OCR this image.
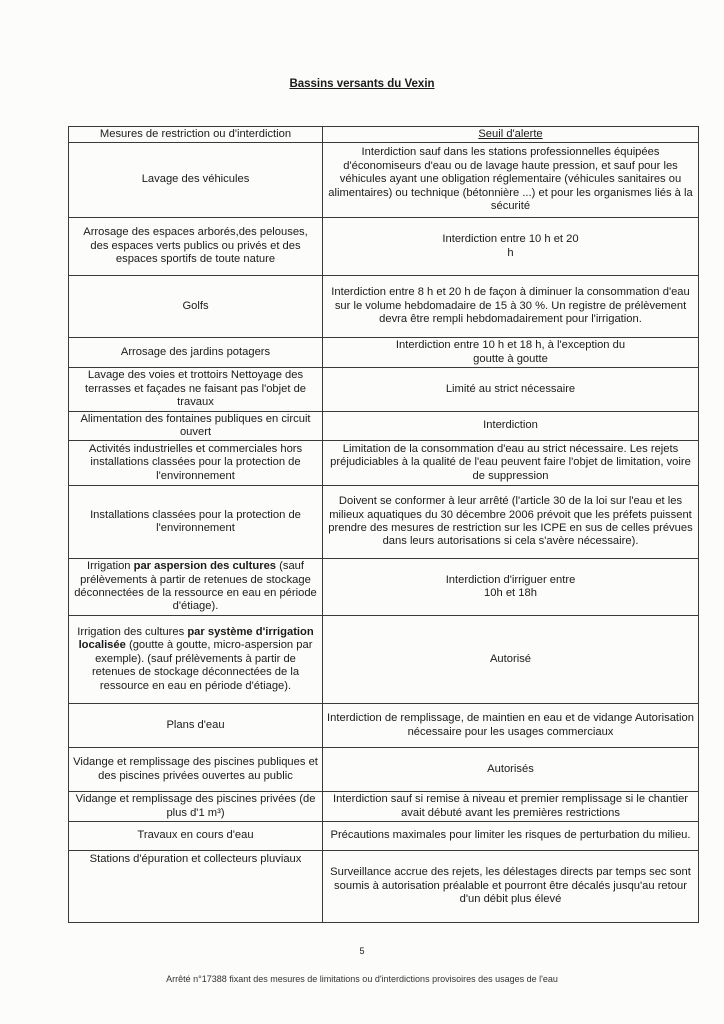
Bassins versants du Vexin
Mesures de restriction ou d'interdiction	Seuil d'alerte
Lavage des véhicules	Interdiction sauf dans les stations professionnelles équipées d'économiseurs d'eau ou de lavage haute pression, et sauf pour les véhicules ayant une obligation réglementaire (véhicules sanitaires ou alimentaires) ou technique (bétonnière ...) et pour les organismes liés à la sécurité
Arrosage des espaces arborés,des pelouses, des espaces verts publics ou privés et des espaces sportifs de toute nature	Interdiction entre 10 h et 20 h

Golfs	Interdiction entre 8 h et 20 h de façon à diminuer la consommation d'eau sur le volume hebdomadaire de 15 à 30 %. Un registre de prélèvement devra être rempli hebdomadairement pour l'irrigation.
Arrosage des jardins potagers	Interdiction entre 10 h et 18 h, à l'exception du goutte à goutte

Lavage des voies et trottoirs Nettoyage des terrasses et façades ne faisant pas l'objet de travaux	Limité au strict nécessaire
Alimentation des fontaines publiques en circuit ouvert	Interdiction
Activités industrielles et commerciales hors installations classées pour la protection de l'environnement	Limitation de la consommation d'eau au strict nécessaire. Les rejets préjudiciables à la qualité de l'eau peuvent faire l'objet de limitation, voire de suppression
Installations classées pour la protection de l'environnement	Doivent se conformer à leur arrêté (l'article 30 de la loi sur l'eau et les milieux aquatiques du 30 décembre 2006 prévoit que les préfets puissent prendre des mesures de restriction sur les ICPE en sus de celles prévues dans leurs autorisations si cela s'avère nécessaire).
Irrigation par aspersion des cultures (sauf prélèvements à partir de retenues de stockage déconnectées de la ressource en eau en période d'étiage).	Interdiction d'irriguer entre 10h et 18h

Irrigation des cultures par système d'irrigation localisée (goutte à goutte, micro-aspersion par exemple). (sauf prélèvements à partir de retenues de stockage déconnectées de la ressource en eau en période d'étiage).	Autorisé
Plans d'eau	Interdiction de remplissage, de maintien en eau et de vidange Autorisation nécessaire pour les usages commerciaux
Vidange et remplissage des piscines publiques et des piscines privées ouvertes au public	Autorisés
Vidange et remplissage des piscines privées (de plus d'1 m³)	Interdiction sauf si remise à niveau et premier remplissage si le chantier avait débuté avant les premières restrictions
Travaux en cours d'eau	Précautions maximales pour limiter les risques de perturbation du milieu.
Stations d'épuration et collecteurs pluviaux	Surveillance accrue des rejets, les délestages directs par temps sec sont soumis à autorisation préalable et pourront être décalés jusqu'au retour d'un débit plus élevé
5
Arrêté n°17388 fixant des mesures de limitations ou d'interdictions provisoires des usages de l'eau
